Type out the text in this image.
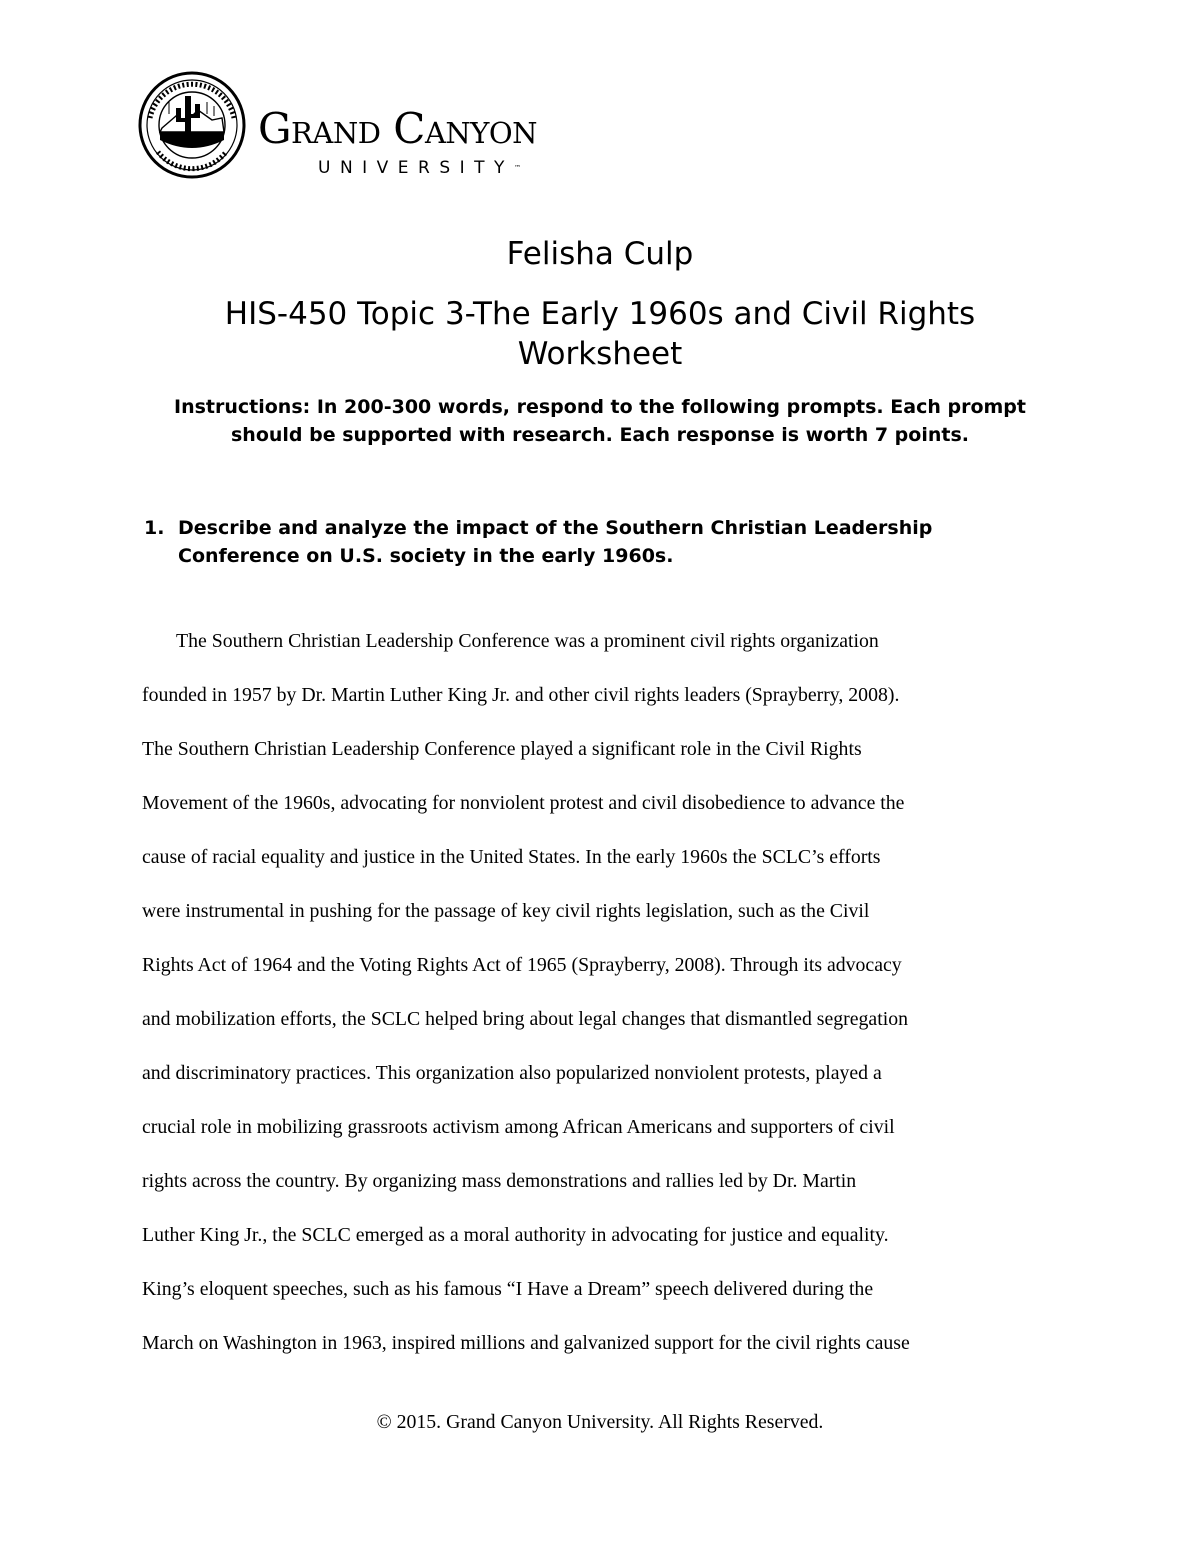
Grand Canyon
UNIVERSITY™
Felisha Culp
HIS-450 Topic 3-The Early 1960s and Civil Rights Worksheet
Instructions: In 200-300 words, respond to the following prompts. Each prompt should be supported with research. Each response is worth 7 points.
1. Describe and analyze the impact of the Southern Christian Leadership Conference on U.S. society in the early 1960s.
The Southern Christian Leadership Conference was a prominent civil rights organization
founded in 1957 by Dr. Martin Luther King Jr. and other civil rights leaders (Sprayberry, 2008).
The Southern Christian Leadership Conference played a significant role in the Civil Rights
Movement of the 1960s, advocating for nonviolent protest and civil disobedience to advance the
cause of racial equality and justice in the United States. In the early 1960s the SCLC’s efforts
were instrumental in pushing for the passage of key civil rights legislation, such as the Civil
Rights Act of 1964 and the Voting Rights Act of 1965 (Sprayberry, 2008). Through its advocacy
and mobilization efforts, the SCLC helped bring about legal changes that dismantled segregation
and discriminatory practices. This organization also popularized nonviolent protests, played a
crucial role in mobilizing grassroots activism among African Americans and supporters of civil
rights across the country. By organizing mass demonstrations and rallies led by Dr. Martin
Luther King Jr., the SCLC emerged as a moral authority in advocating for justice and equality.
King’s eloquent speeches, such as his famous “I Have a Dream” speech delivered during the
March on Washington in 1963, inspired millions and galvanized support for the civil rights cause
© 2015. Grand Canyon University. All Rights Reserved.
